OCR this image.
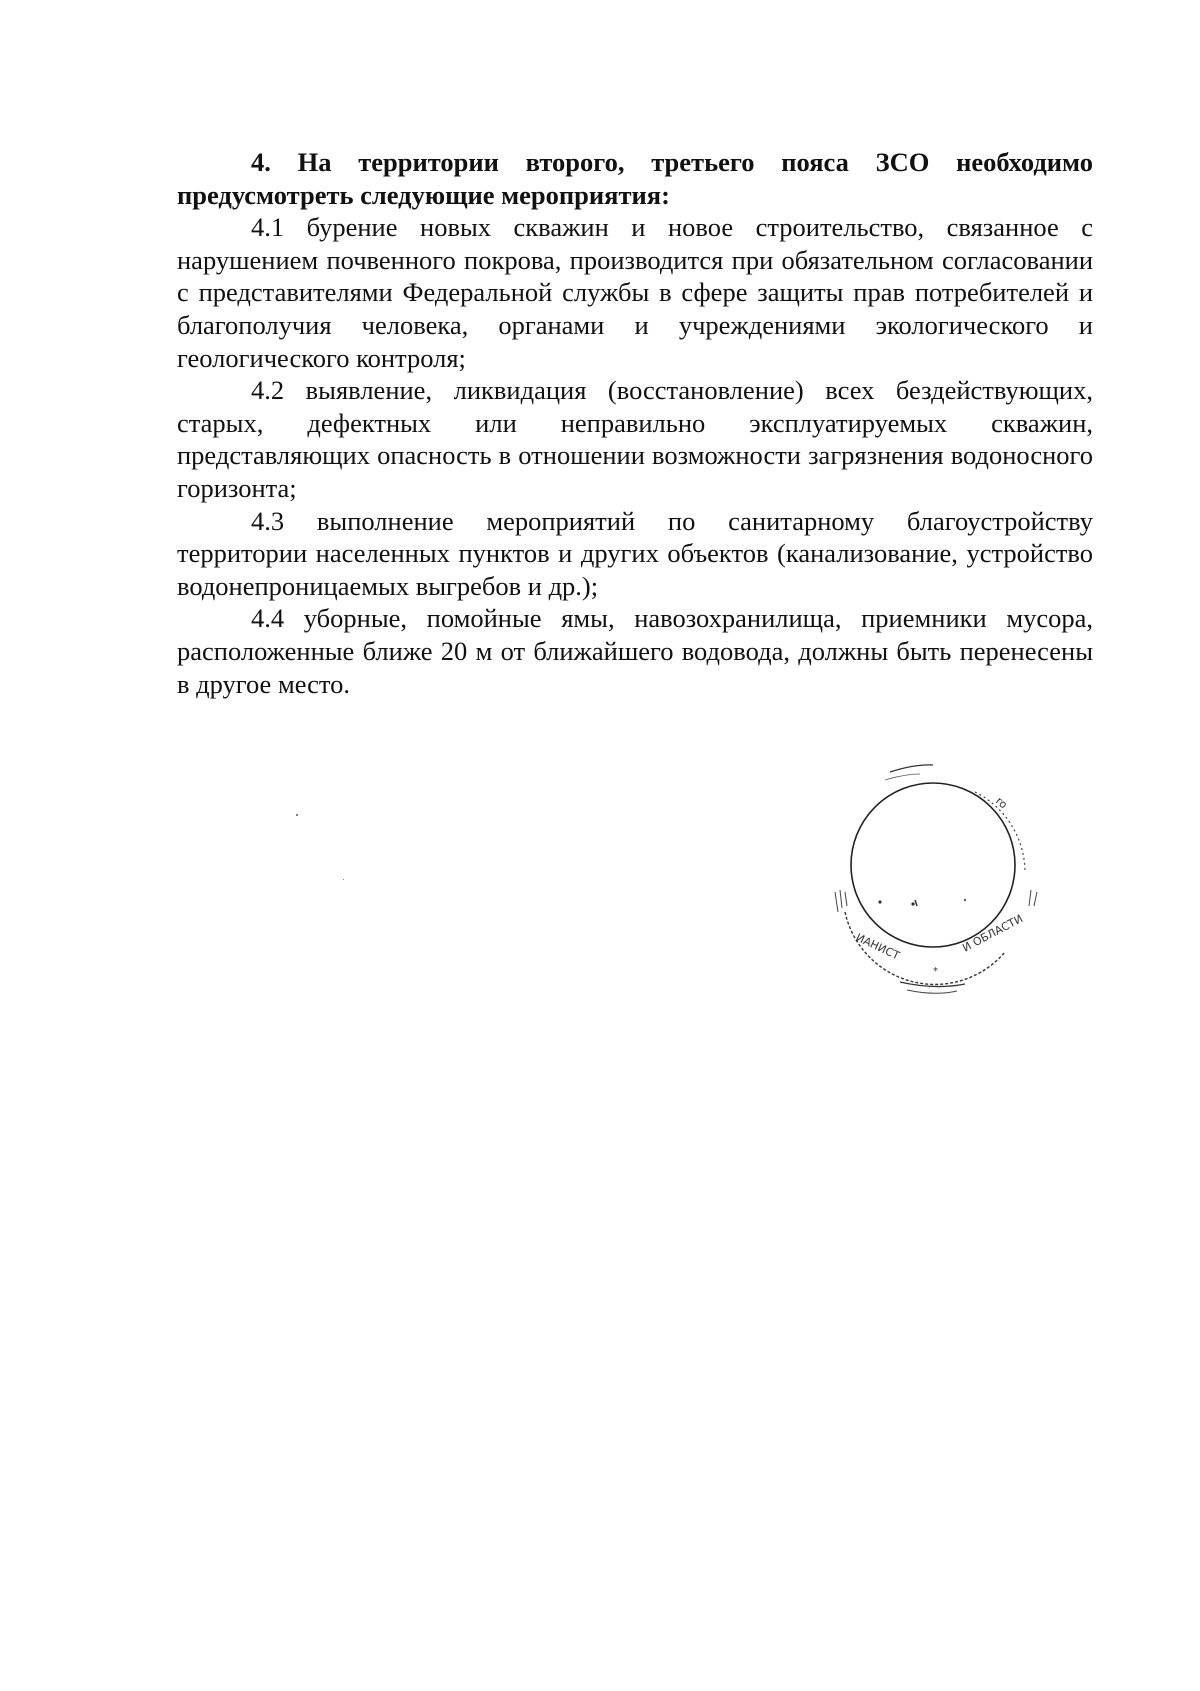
4. На территории второго, третьего пояса ЗСО необходимо предусмотреть следующие мероприятия:

4.1 бурение новых скважин и новое строительство, связанное с нарушением почвенного покрова, производится при обязательном согласовании с представителями Федеральной службы в сфере защиты прав потребителей и благополучия человека, органами и учреждениями экологического и геологического контроля;

4.2 выявление, ликвидация (восстановление) всех бездействующих, старых, дефектных или неправильно эксплуатируемых скважин, представляющих опасность в отношении возможности загрязнения водоносного горизонта;

4.3 выполнение мероприятий по санитарному благоустройству территории населенных пунктов и других объектов (канализование, устройство водонепроницаемых выгребов и др.);

4.4 уборные, помойные ямы, навозохранилища, приемники мусора, расположенные ближе 20 м от ближайшего водовода, должны быть перенесены в другое место.

ИАНИСТ	И ОБЛАСТИ
ro
*
